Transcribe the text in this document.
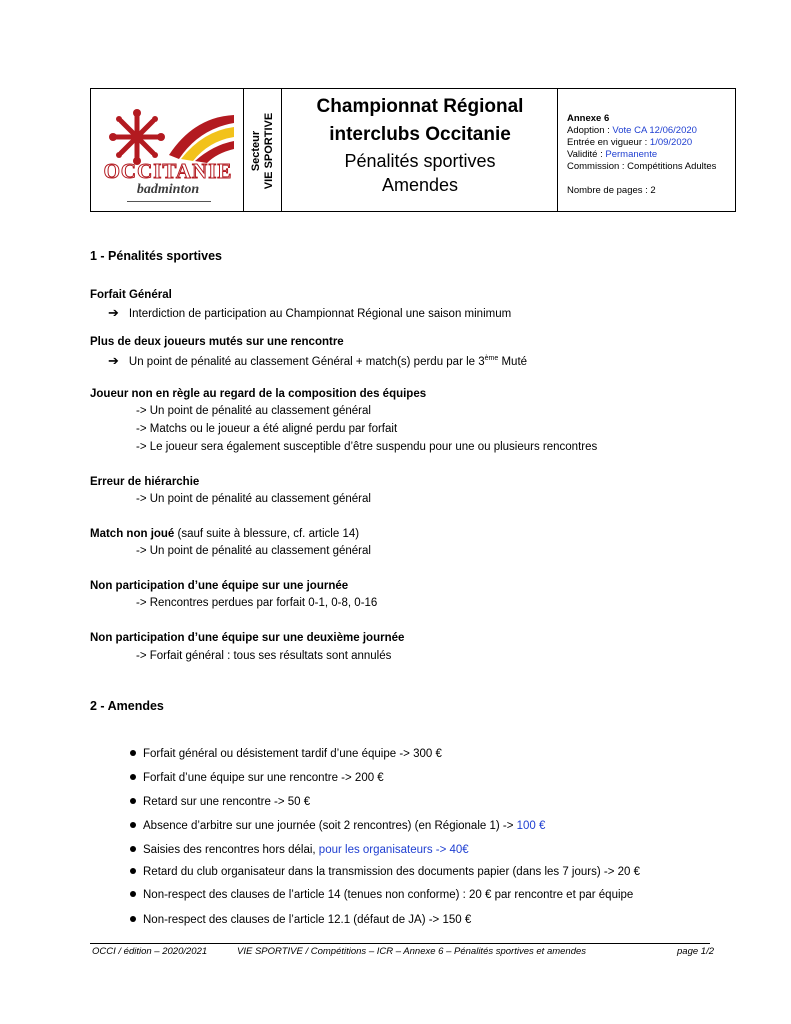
OCCITANIE
badminton
Secteur VIE SPORTIVE
Championnat Régional
interclubs Occitanie
Pénalités sportives
Amendes
Annexe 6
Adoption : Vote CA 12/06/2020
Entrée en vigueur : 1/09/2020
Validité : Permanente
Commission : Compétitions Adultes
Nombre de pages : 2
1 - Pénalités sportives
Forfait Général
➔ Interdiction de participation au Championnat Régional une saison minimum
Plus de deux joueurs mutés sur une rencontre
➔ Un point de pénalité au classement Général + match(s) perdu par le 3ème Muté
Joueur non en règle au regard de la composition des équipes
-> Un point de pénalité au classement général
-> Matchs ou le joueur a été aligné perdu par forfait
-> Le joueur sera également susceptible d’être suspendu pour une ou plusieurs rencontres
Erreur de hiérarchie
-> Un point de pénalité au classement général
Match non joué (sauf suite à blessure, cf. article 14)
-> Un point de pénalité au classement général
Non participation d’une équipe sur une journée
-> Rencontres perdues par forfait 0-1, 0-8, 0-16
Non participation d’une équipe sur une deuxième journée
-> Forfait général : tous ses résultats sont annulés
2 - Amendes
Forfait général ou désistement tardif d’une équipe -> 300 €
Forfait d’une équipe sur une rencontre -> 200 €
Retard sur une rencontre -> 50 €
Absence d’arbitre sur une journée (soit 2 rencontres) (en Régionale 1) -> 100 €
Saisies des rencontres hors délai, pour les organisateurs -> 40€
Retard du club organisateur dans la transmission des documents papier (dans les 7 jours) -> 20 €
Non-respect des clauses de l’article 14 (tenues non conforme) : 20 € par rencontre et par équipe
Non-respect des clauses de l’article 12.1 (défaut de JA) -> 150 €
OCCI / édition – 2020/2021	VIE SPORTIVE / Compétitions – ICR – Annexe 6 – Pénalités sportives et amendes	page 1/2
